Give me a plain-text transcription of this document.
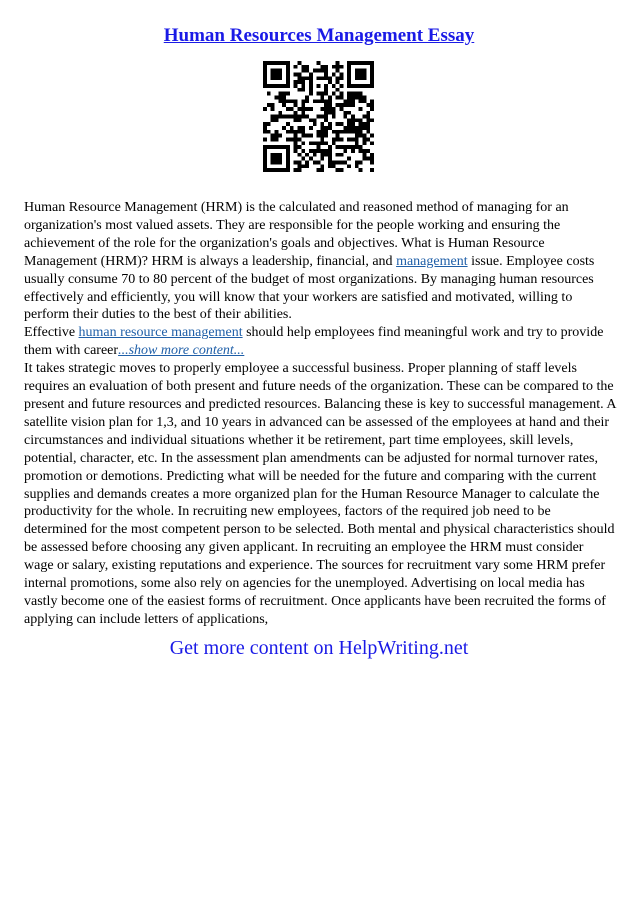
Human Resources Management Essay

Human Resource Management (HRM) is the calculated and reasoned method of managing for an organization's most valued assets. They are responsible for the people working and ensuring the achievement of the role for the organization's goals and objectives. What is Human Resource Management (HRM)? HRM is always a leadership, financial, and management issue. Employee costs usually consume 70 to 80 percent of the budget of most organizations. By managing human resources effectively and efficiently, you will know that your workers are satisfied and motivated, willing to perform their duties to the best of their abilities.

Effective human resource management should help employees find meaningful work and try to provide them with career...show more content...

It takes strategic moves to properly employee a successful business. Proper planning of staff levels requires an evaluation of both present and future needs of the organization. These can be compared to the present and future resources and predicted resources. Balancing these is key to successful management. A satellite vision plan for 1,3, and 10 years in advanced can be assessed of the employees at hand and their circumstances and individual situations whether it be retirement, part time employees, skill levels, potential, character, etc. In the assessment plan amendments can be adjusted for normal turnover rates, promotion or demotions. Predicting what will be needed for the future and comparing with the current supplies and demands creates a more organized plan for the Human Resource Manager to calculate the productivity for the whole. In recruiting new employees, factors of the required job need to be determined for the most competent person to be selected. Both mental and physical characteristics should be assessed before choosing any given applicant. In recruiting an employee the HRM must consider wage or salary, existing reputations and experience. The sources for recruitment vary some HRM prefer internal promotions, some also rely on agencies for the unemployed. Advertising on local media has vastly become one of the easiest forms of recruitment. Once applicants have been recruited the forms of applying can include letters of applications,

Get more content on HelpWriting.net
